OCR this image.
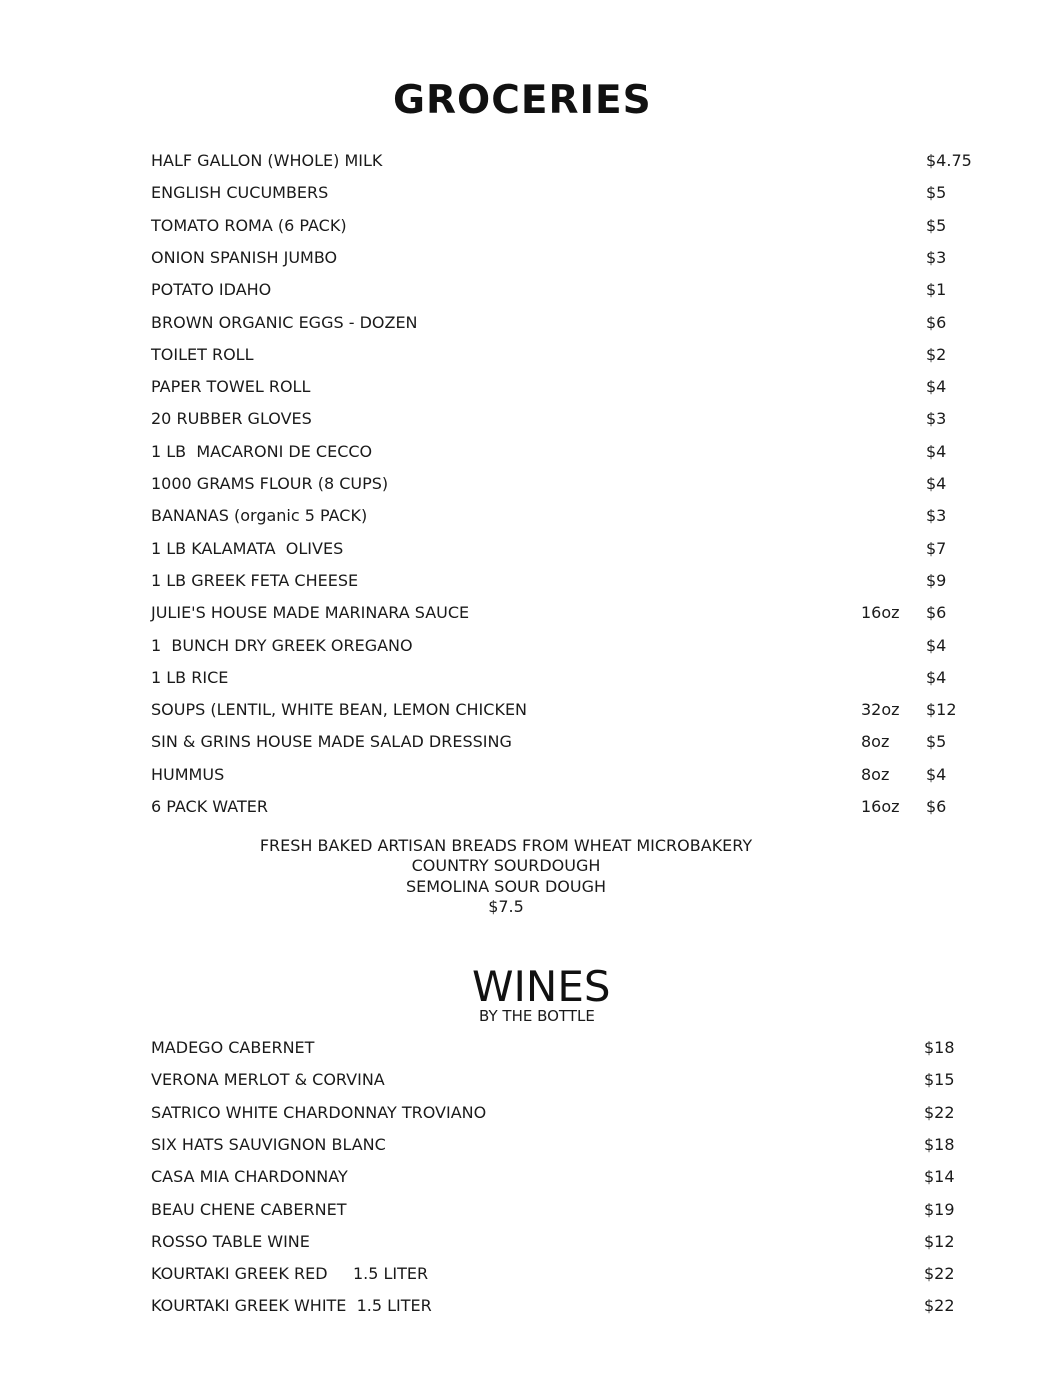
GROCERIES
HALF GALLON (WHOLE) MILK	$4.75
ENGLISH CUCUMBERS	$5
TOMATO ROMA (6 PACK)	$5
ONION SPANISH JUMBO	$3
POTATO IDAHO	$1
BROWN ORGANIC EGGS - DOZEN	$6
TOILET ROLL	$2
PAPER TOWEL ROLL	$4
20 RUBBER GLOVES	$3
1 LB  MACARONI DE CECCO	$4
1000 GRAMS FLOUR (8 CUPS)	$4
BANANAS (organic 5 PACK)	$3
1 LB KALAMATA  OLIVES	$7
1 LB GREEK FETA CHEESE	$9
JULIE'S HOUSE MADE MARINARA SAUCE	16oz $6
1  BUNCH DRY GREEK OREGANO	$4
1 LB RICE	$4
SOUPS (LENTIL, WHITE BEAN, LEMON CHICKEN	32oz $12
SIN & GRINS HOUSE MADE SALAD DRESSING	8oz $5
HUMMUS	8oz $4
6 PACK WATER	16oz $6
FRESH BAKED ARTISAN BREADS FROM WHEAT MICROBAKERY
COUNTRY SOURDOUGH
SEMOLINA SOUR DOUGH
$7.5
WINES
BY THE BOTTLE
MADEGO CABERNET	$18
VERONA MERLOT & CORVINA	$15
SATRICO WHITE CHARDONNAY TROVIANO	$22
SIX HATS SAUVIGNON BLANC	$18
CASA MIA CHARDONNAY	$14
BEAU CHENE CABERNET	$19
ROSSO TABLE WINE	$12
KOURTAKI GREEK RED     1.5 LITER	$22
KOURTAKI GREEK WHITE  1.5 LITER	$22
